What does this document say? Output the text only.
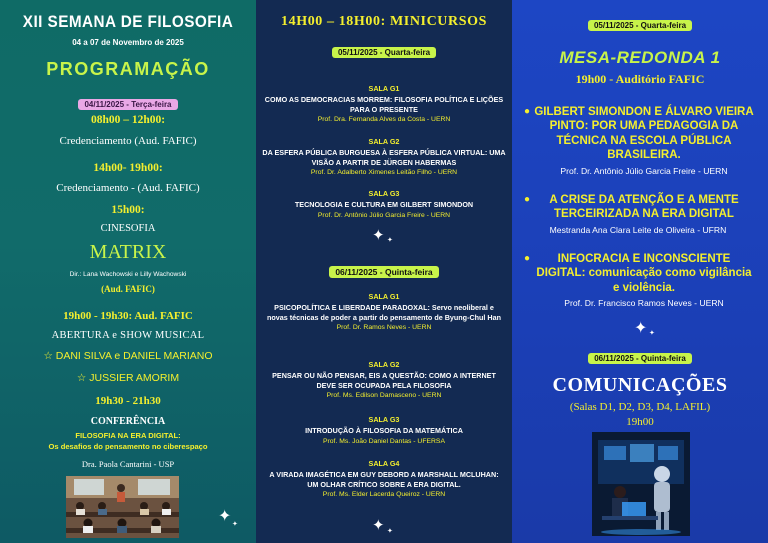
XII SEMANA DE FILOSOFIA
04 a 07 de Novembro de 2025
PROGRAMAÇÃO
04/11/2025 - Terça-feira
08h00 – 12h00:
Credenciamento (Aud. FAFIC)
14h00- 19h00:
Credenciamento - (Aud. FAFIC)
15h00:
CINESOFIA
MATRIX
Dir.: Lana Wachowski e Lilly Wachowski
(Aud. FAFIC)
19h00 - 19h30: Aud. FAFIC
ABERTURA e SHOW MUSICAL
☆ DANI SILVA e DANIEL MARIANO
☆ JUSSIER AMORIM
19h30 - 21h30
CONFERÊNCIA
FILOSOFIA NA ERA DIGITAL:
Os desafios do pensamento no ciberespaço
Dra. Paola Cantarini - USP
✦ ✦
14H00 – 18H00: MINICURSOS
05/11/2025 - Quarta-feira
SALA G1
COMO AS DEMOCRACIAS MORREM: FILOSOFIA POLÍTICA E LIÇÕES PARA O PRESENTE
Prof. Dra. Fernanda Alves da Costa - UERN
SALA G2
DA ESFERA PÚBLICA BURGUESA À ESFERA PÚBLICA VIRTUAL: UMA VISÃO A PARTIR DE JÜRGEN HABERMAS
Prof. Dr. Adalberto Ximenes Leitão Filho - UERN
SALA G3
TECNOLOGIA E CULTURA EM GILBERT SIMONDON
Prof. Dr. Antônio Júlio Garcia Freire - UERN
✦ ✦
06/11/2025 - Quinta-feira
SALA G1
PSICOPOLÍTICA E LIBERDADE PARADOXAL: Servo neoliberal e novas técnicas de poder a partir do pensamento de Byung-Chul Han
Prof. Dr. Ramos Neves - UERN
SALA G2
PENSAR OU NÃO PENSAR, EIS A QUESTÃO: COMO A INTERNET DEVE SER OCUPADA PELA FILOSOFIA
Prof. Ms. Edilson Damasceno - UERN
SALA G3
INTRODUÇÃO À FILOSOFIA DA MATEMÁTICA
Prof. Ms. João Daniel Dantas - UFERSA
SALA G4
A VIRADA IMAGÉTICA EM GUY DEBORD A MARSHALL MCLUHAN: UM OLHAR CRÍTICO SOBRE A ERA DIGITAL.
Prof. Ms. Elder Lacerda Queiroz - UERN
✦ ✦
05/11/2025 - Quarta-feira
MESA-REDONDA 1
19h00 - Auditório FAFIC
● GILBERT SIMONDON E ÁLVARO VIEIRA PINTO: POR UMA PEDAGOGIA DA TÉCNICA NA ESCOLA PÚBLICA BRASILEIRA.
Prof. Dr. Antônio Júlio Garcia Freire - UERN
●	A CRISE DA ATENÇÃO E A MENTE TERCEIRIZADA NA ERA DIGITAL
Mestranda Ana Clara Leite de Oliveira - UFRN
●	INFOCRACIA E INCONSCIENTE DIGITAL: comunicação como vigilância e violência.
Prof. Dr. Francisco Ramos Neves - UERN
✦ ✦
06/11/2025 - Quinta-feira
COMUNICAÇÕES
(Salas D1, D2, D3, D4, LAFIL)
19h00
